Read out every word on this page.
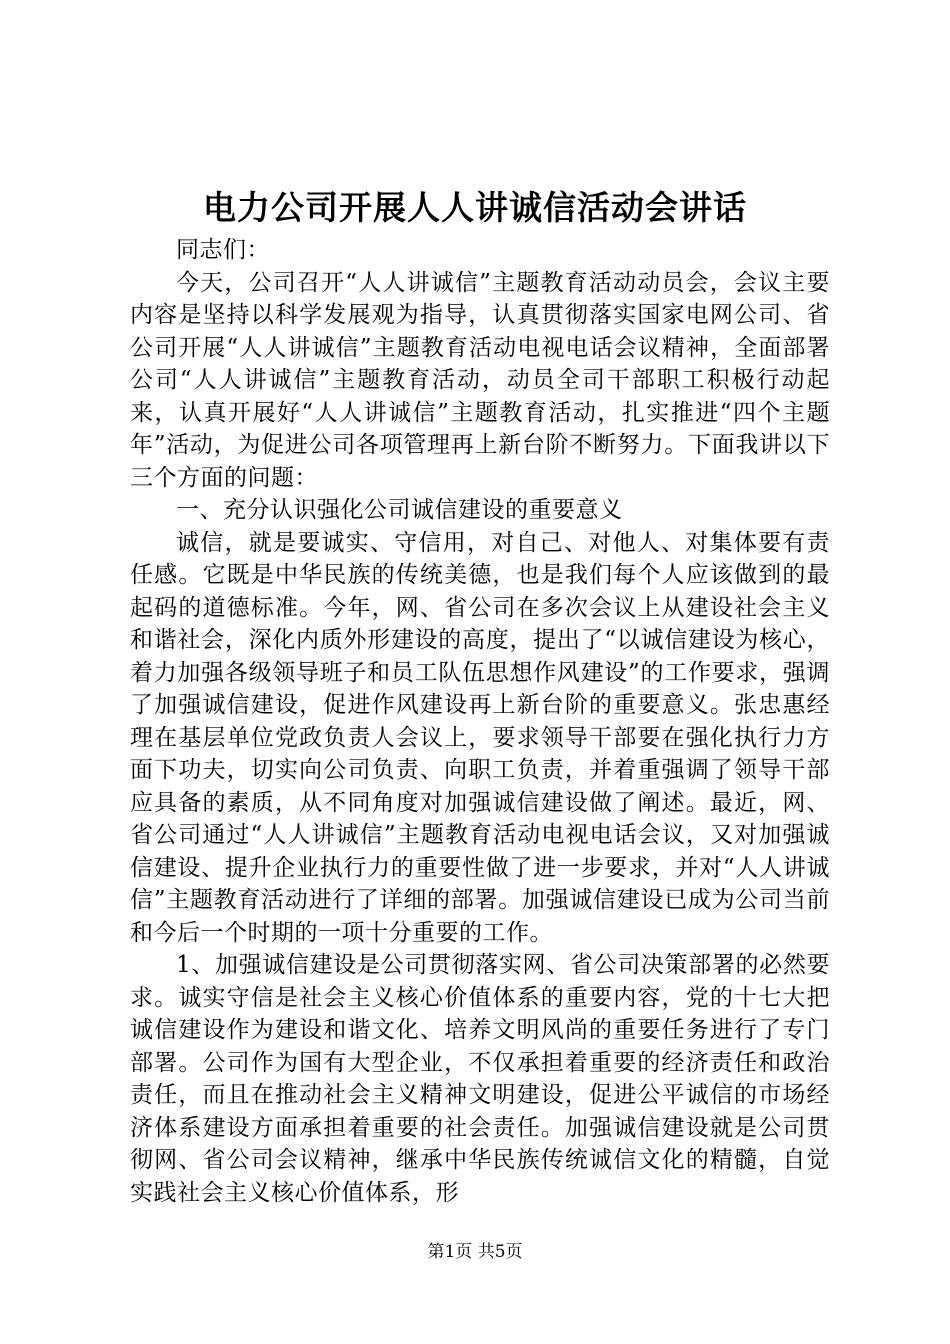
电力公司开展人人讲诚信活动会讲话

同志们：

今天，公司召开“人人讲诚信”主题教育活动动员会，会议主要内容是坚持以科学发展观为指导，认真贯彻落实国家电网公司、省公司开展“人人讲诚信”主题教育活动电视电话会议精神，全面部署公司“人人讲诚信”主题教育活动，动员全司干部职工积极行动起来，认真开展好“人人讲诚信”主题教育活动，扎实推进“四个主题年”活动，为促进公司各项管理再上新台阶不断努力。下面我讲以下三个方面的问题：

一、充分认识强化公司诚信建设的重要意义

诚信，就是要诚实、守信用，对自己、对他人、对集体要有责任感。它既是中华民族的传统美德，也是我们每个人应该做到的最起码的道德标准。今年，网、省公司在多次会议上从建设社会主义和谐社会，深化内质外形建设的高度，提出了“以诚信建设为核心，着力加强各级领导班子和员工队伍思想作风建设”的工作要求，强调了加强诚信建设，促进作风建设再上新台阶的重要意义。张忠惠经理在基层单位党政负责人会议上，要求领导干部要在强化执行力方面下功夫，切实向公司负责、向职工负责，并着重强调了领导干部应具备的素质，从不同角度对加强诚信建设做了阐述。最近，网、省公司通过“人人讲诚信”主题教育活动电视电话会议，又对加强诚信建设、提升企业执行力的重要性做了进一步要求，并对“人人讲诚信”主题教育活动进行了详细的部署。加强诚信建设已成为公司当前和今后一个时期的一项十分重要的工作。

1、加强诚信建设是公司贯彻落实网、省公司决策部署的必然要求。诚实守信是社会主义核心价值体系的重要内容，党的十七大把诚信建设作为建设和谐文化、培养文明风尚的重要任务进行了专门部署。公司作为国有大型企业，不仅承担着重要的经济责任和政治责任，而且在推动社会主义精神文明建设，促进公平诚信的市场经济体系建设方面承担着重要的社会责任。加强诚信建设就是公司贯彻网、省公司会议精神，继承中华民族传统诚信文化的精髓，自觉实践社会主义核心价值体系，形

第1页 共5页
